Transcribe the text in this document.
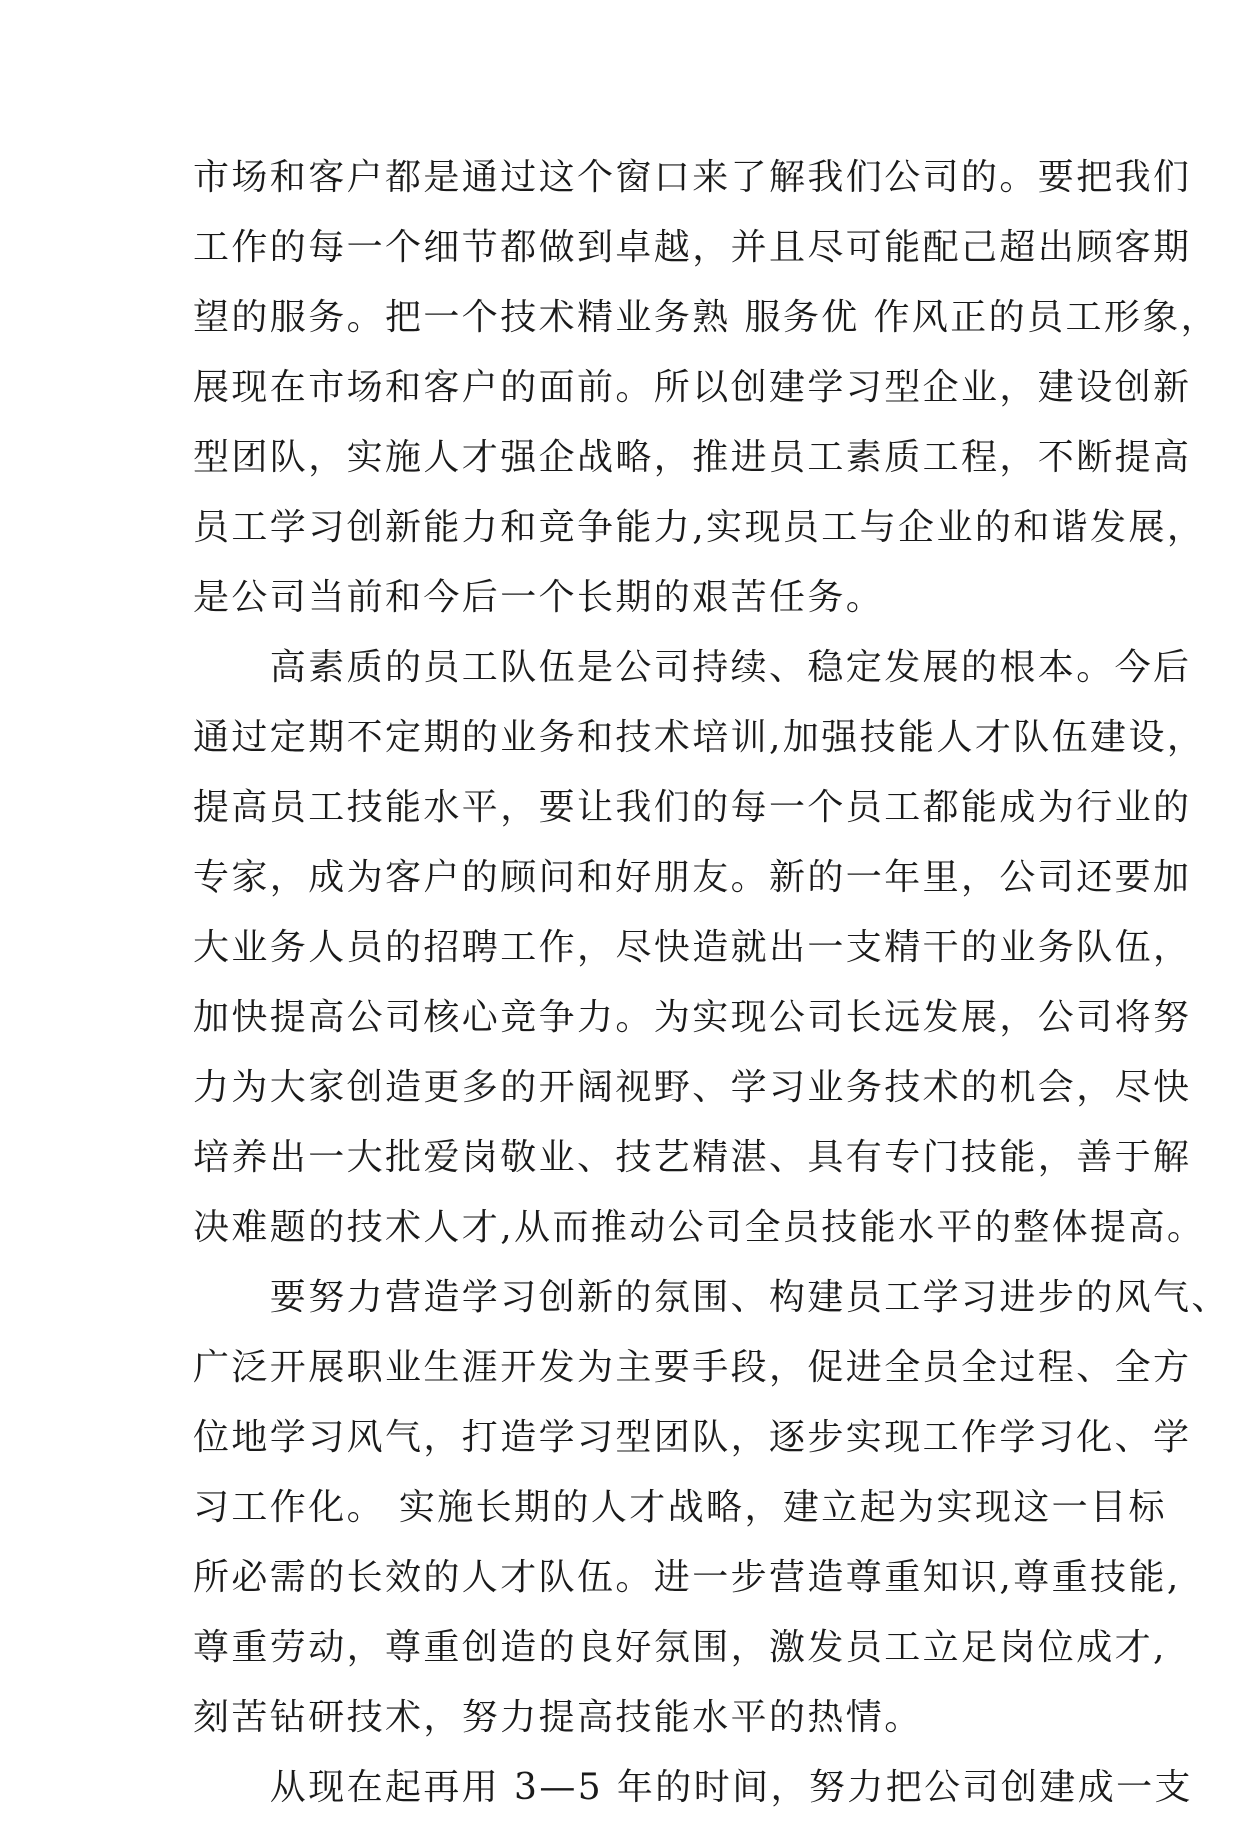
市场和客户都是通过这个窗口来了解我们公司的。要把我们
工作的每一个细节都做到卓越，并且尽可能配己超出顾客期
望的服务。把一个技术精业务熟 服务优 作风正的员工形象，
展现在市场和客户的面前。所以创建学习型企业，建设创新
型团队，实施人才强企战略，推进员工素质工程，不断提高
员工学习创新能力和竞争能力,实现员工与企业的和谐发展，
是公司当前和今后一个长期的艰苦任务。
　　高素质的员工队伍是公司持续、稳定发展的根本。今后
通过定期不定期的业务和技术培训,加强技能人才队伍建设，
提高员工技能水平，要让我们的每一个员工都能成为行业的
专家，成为客户的顾问和好朋友。新的一年里，公司还要加
大业务人员的招聘工作，尽快造就出一支精干的业务队伍，
加快提高公司核心竞争力。为实现公司长远发展，公司将努
力为大家创造更多的开阔视野、学习业务技术的机会，尽快
培养出一大批爱岗敬业、技艺精湛、具有专门技能，善于解
决难题的技术人才,从而推动公司全员技能水平的整体提高。
　　要努力营造学习创新的氛围、构建员工学习进步的风气、
广泛开展职业生涯开发为主要手段，促进全员全过程、全方
位地学习风气，打造学习型团队，逐步实现工作学习化、学
习工作化。 实施长期的人才战略，建立起为实现这一目标
所必需的长效的人才队伍。进一步营造尊重知识,尊重技能,
尊重劳动，尊重创造的良好氛围，激发员工立足岗位成才,
刻苦钻研技术，努力提高技能水平的热情。
　　从现在起再用 3—5 年的时间，努力把公司创建成一支
